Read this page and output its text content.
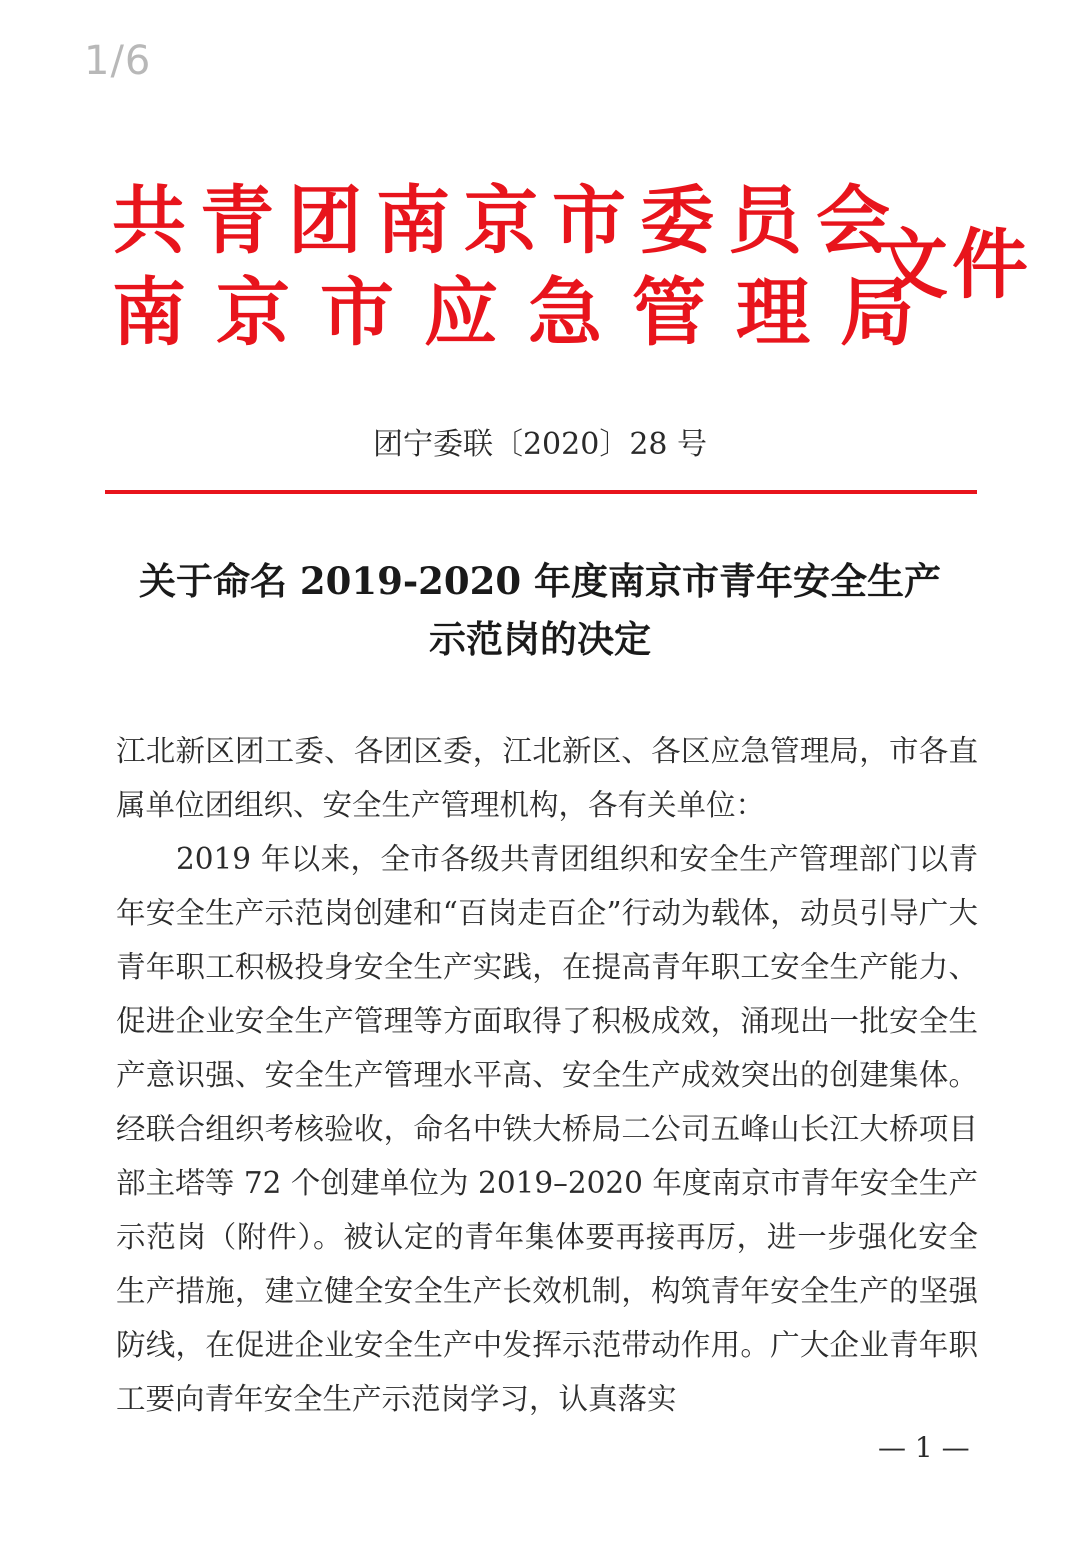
1/6
共青团南京市委员会
南京市应急管理局
文件
团宁委联〔2020〕28 号
关于命名 2019-2020 年度南京市青年安全生产
示范岗的决定

江北新区团工委、各团区委，江北新区、各区应急管理局，市各直属单位团组织、安全生产管理机构，各有关单位：

2019 年以来，全市各级共青团组织和安全生产管理部门以青年安全生产示范岗创建和“百岗走百企”行动为载体，动员引导广大青年职工积极投身安全生产实践，在提高青年职工安全生产能力、促进企业安全生产管理等方面取得了积极成效，涌现出一批安全生产意识强、安全生产管理水平高、安全生产成效突出的创建集体。经联合组织考核验收，命名中铁大桥局二公司五峰山长江大桥项目部主塔等 72 个创建单位为 2019–2020 年度南京市青年安全生产示范岗（附件）。被认定的青年集体要再接再厉，进一步强化安全生产措施，建立健全安全生产长效机制，构筑青年安全生产的坚强防线，在促进企业安全生产中发挥示范带动作用。广大企业青年职工要向青年安全生产示范岗学习，认真落实

— 1 —
